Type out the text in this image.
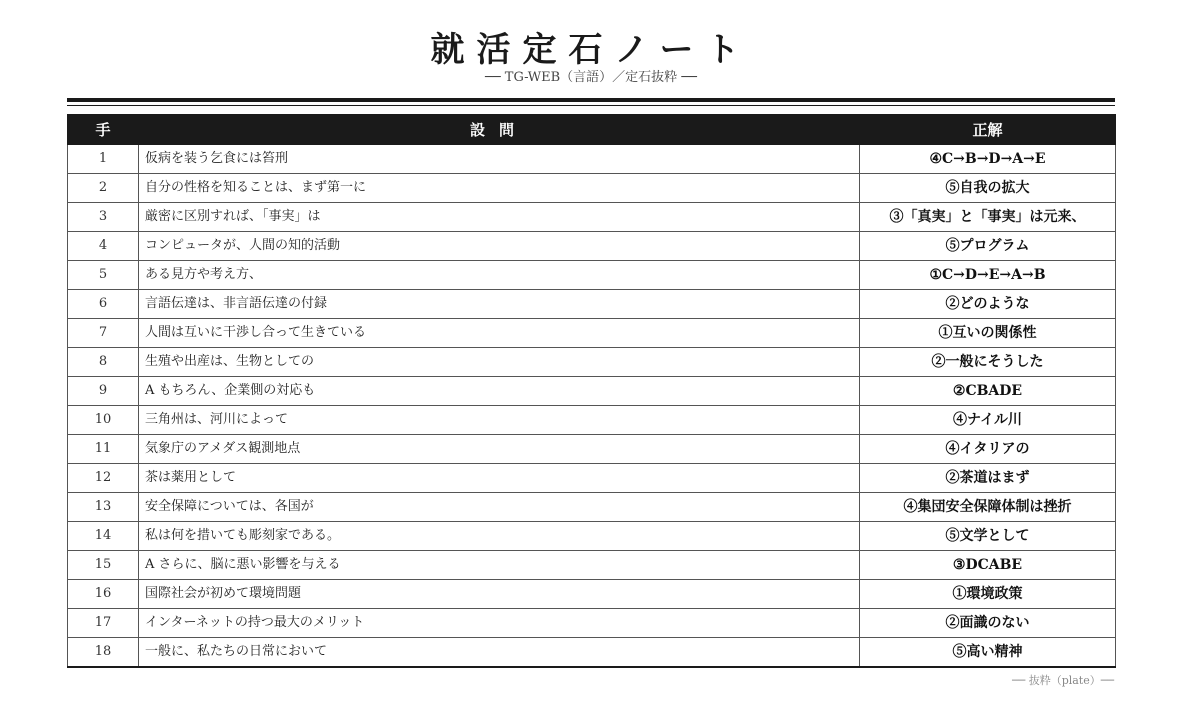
就活定石ノート
── TG-WEB（言語）／定石抜粋 ──
手	設問	正解
1	仮病を装う乞食には笞刑	④C→B→D→A→E
2	自分の性格を知ることは、まず第一に	⑤自我の拡大
3	厳密に区別すれば、「事実」は	③「真実」と「事実」は元来、
4	コンピュータが、人間の知的活動	⑤プログラム
5	ある見方や考え方、	①C→D→E→A→B
6	言語伝達は、非言語伝達の付録	②どのような
7	人間は互いに干渉し合って生きている	①互いの関係性
8	生殖や出産は、生物としての	②一般にそうした
9	A もちろん、企業側の対応も	②CBADE
10	三角州は、河川によって	④ナイル川
11	気象庁のアメダス観測地点	④イタリアの
12	茶は薬用として	②茶道はまず
13	安全保障については、各国が	④集団安全保障体制は挫折
14	私は何を措いても彫刻家である。	⑤文学として
15	A さらに、脳に悪い影響を与える	③DCABE
16	国際社会が初めて環境問題	①環境政策
17	インターネットの持つ最大のメリット	②面識のない
18	一般に、私たちの日常において	⑤高い精神
── 抜粋（plate）──
